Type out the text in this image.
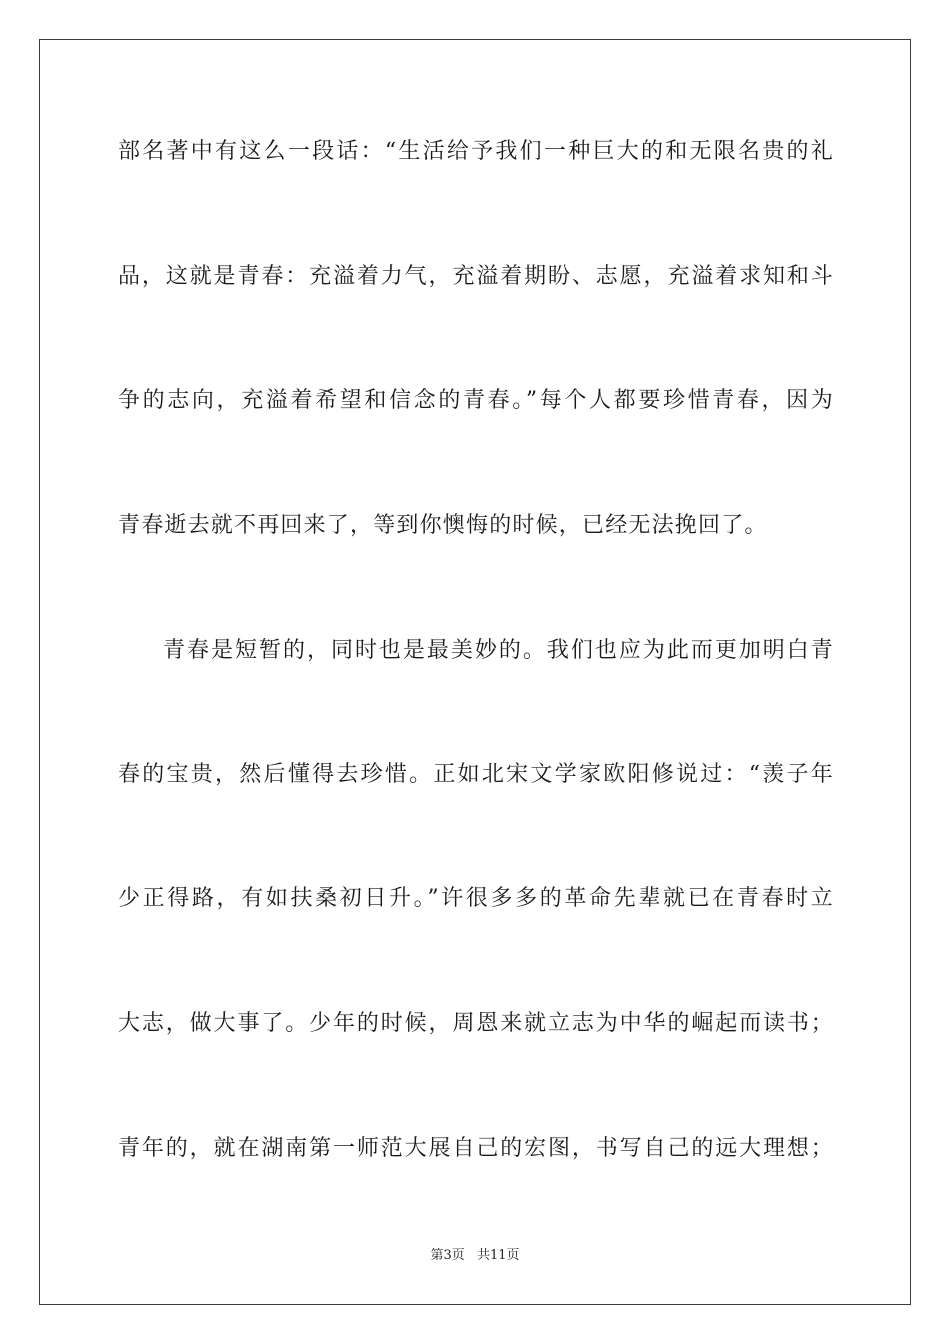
部名著中有这么一段话：“生活给予我们一种巨大的和无限名贵的礼
品，这就是青春：充溢着力气，充溢着期盼、志愿，充溢着求知和斗
争的志向，充溢着希望和信念的青春。”每个人都要珍惜青春，因为
青春逝去就不再回来了，等到你懊悔的时候，已经无法挽回了。
青春是短暂的，同时也是最美妙的。我们也应为此而更加明白青
春的宝贵，然后懂得去珍惜。正如北宋文学家欧阳修说过：“羡子年
少正得路，有如扶桑初日升。”许很多多的革命先辈就已在青春时立
大志，做大事了。少年的时候，周恩来就立志为中华的崛起而读书；
青年的，就在湖南第一师范大展自己的宏图，书写自己的远大理想；
第3页 共11页
